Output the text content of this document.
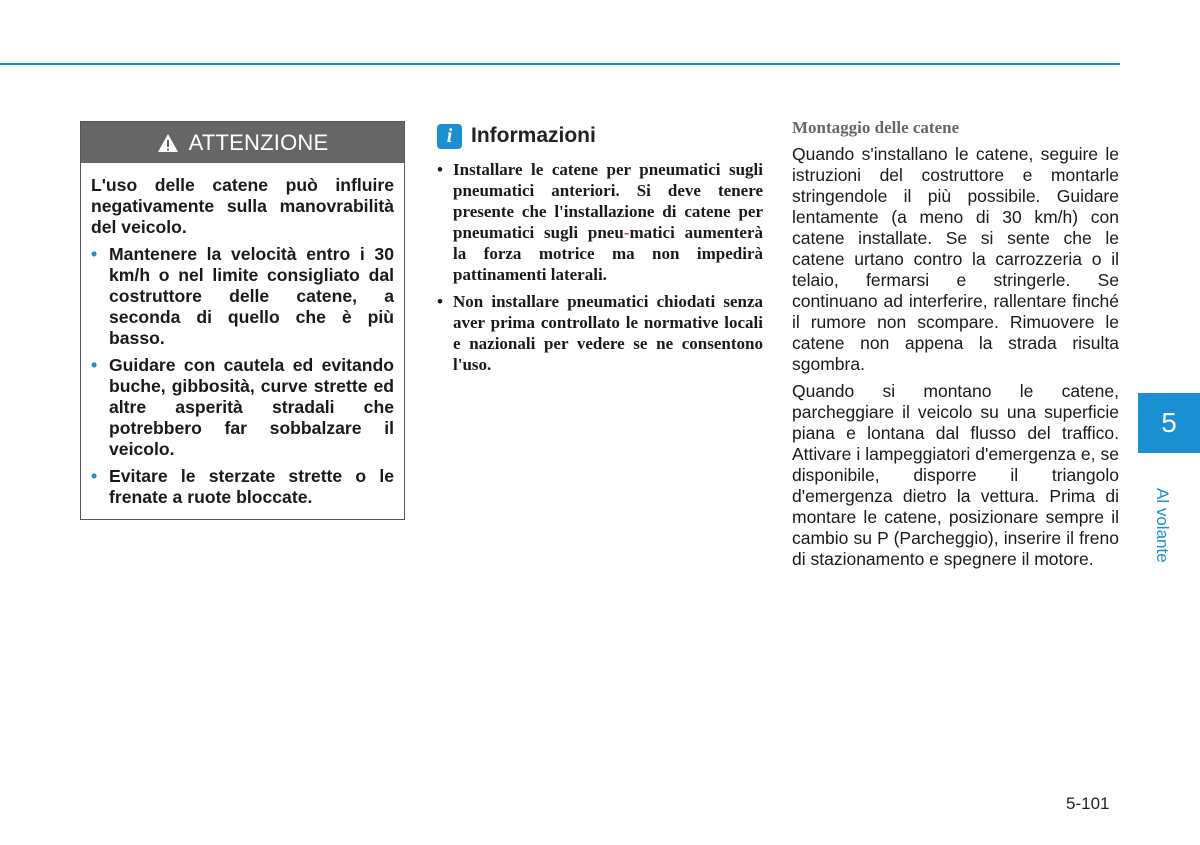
ATTENZIONE

L'uso delle catene può influire negativamente sulla manovrabilità del veicolo.

• Mantenere la velocità entro i 30 km/h o nel limite consigliato dal costruttore delle catene, a seconda di quello che è più basso.
• Guidare con cautela ed evitando buche, gibbosità, curve strette ed altre asperità stradali che potrebbero far sobbalzare il veicolo.
• Evitare le sterzate strette o le frenate a ruote bloccate.
i Informazioni
• Installare le catene per pneumatici sugli pneumatici anteriori. Si deve tenere presente che l'installazione di catene per pneumatici sugli pneu-matici aumenterà la forza motrice ma non impedirà pattinamenti laterali.
• Non installare pneumatici chiodati senza aver prima controllato le normative locali e nazionali per vedere se ne consentono l'uso.
Montaggio delle catene

Quando s'installano le catene, seguire le istruzioni del costruttore e montarle stringendole il più possibile. Guidare lentamente (a meno di 30 km/h) con catene installate. Se si sente che le catene urtano contro la carrozzeria o il telaio, fermarsi e stringerle. Se continuano ad interferire, rallentare finché il rumore non scompare. Rimuovere le catene non appena la strada risulta sgombra.

Quando si montano le catene, parcheggiare il veicolo su una superficie piana e lontana dal flusso del traffico. Attivare i lampeggiatori d'emergenza e, se disponibile, disporre il triangolo d'emergenza dietro la vettura. Prima di montare le catene, posizionare sempre il cambio su P (Parcheggio), inserire il freno di stazionamento e spegnere il motore.

5
Al volante
5-101
